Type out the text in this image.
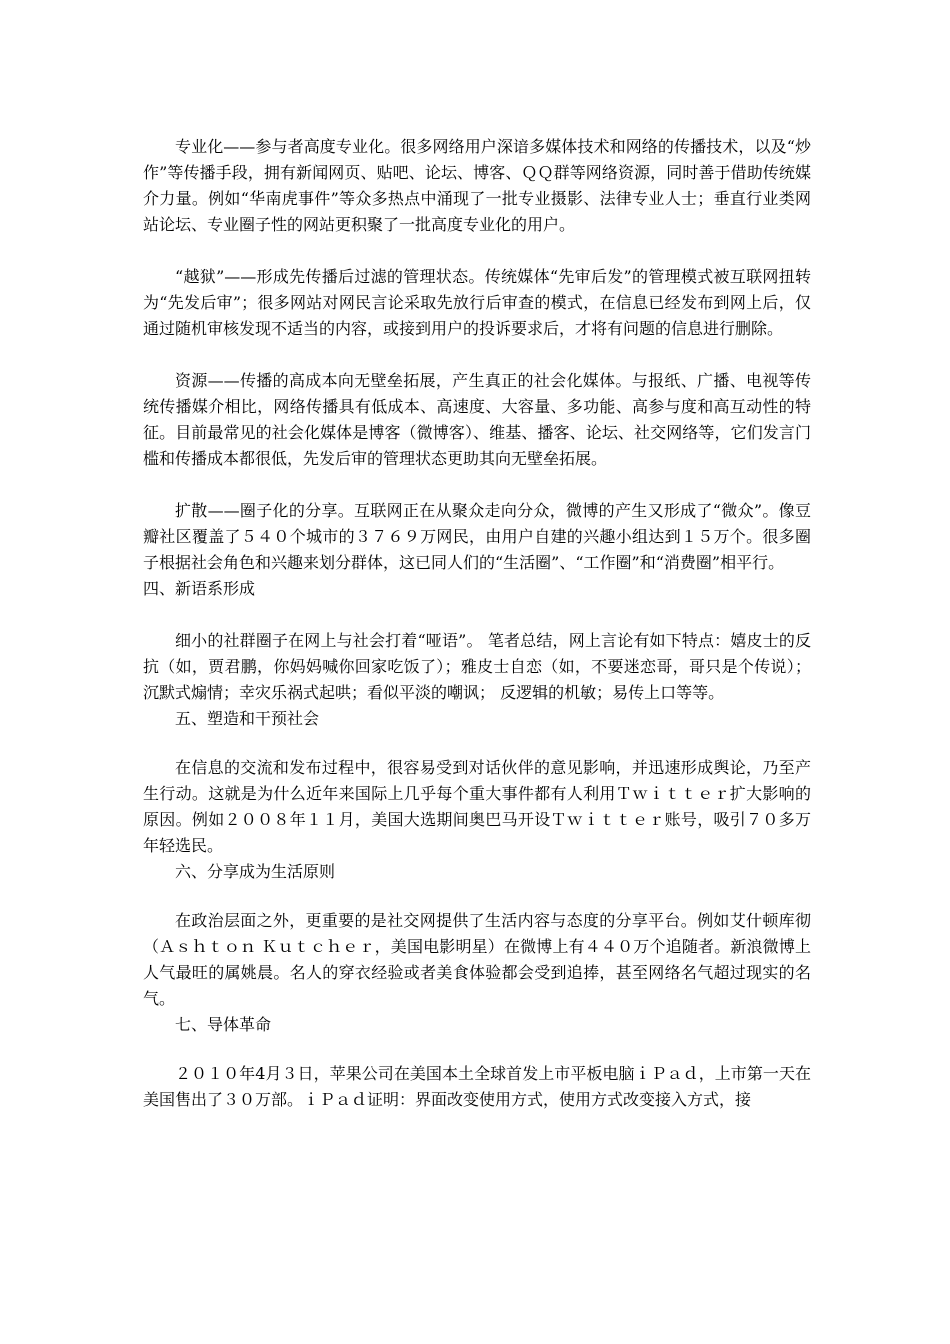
专业化——参与者高度专业化。很多网络用户深谙多媒体技术和网络的传播技术，以及“炒作”等传播手段，拥有新闻网页、贴吧、论坛、博客、ＱＱ群等网络资源，同时善于借助传统媒介力量。例如“华南虎事件”等众多热点中涌现了一批专业摄影、法律专业人士；垂直行业类网站论坛、专业圈子性的网站更积聚了一批高度专业化的用户。

“越狱”——形成先传播后过滤的管理状态。传统媒体“先审后发”的管理模式被互联网扭转为“先发后审”；很多网站对网民言论采取先放行后审查的模式，在信息已经发布到网上后，仅通过随机审核发现不适当的内容，或接到用户的投诉要求后，才将有问题的信息进行删除。

资源——传播的高成本向无壁垒拓展，产生真正的社会化媒体。与报纸、广播、电视等传统传播媒介相比，网络传播具有低成本、高速度、大容量、多功能、高参与度和高互动性的特征。目前最常见的社会化媒体是博客（微博客）、维基、播客、论坛、社交网络等，它们发言门槛和传播成本都很低，先发后审的管理状态更助其向无壁垒拓展。

扩散——圈子化的分享。互联网正在从聚众走向分众，微博的产生又形成了“微众”。像豆瓣社区覆盖了５４０个城市的３７６９万网民，由用户自建的兴趣小组达到１５万个。很多圈子根据社会角色和兴趣来划分群体，这已同人们的“生活圈”、“工作圈”和“消费圈”相平行。

四、新语系形成

细小的社群圈子在网上与社会打着“哑语”。 笔者总结，网上言论有如下特点：嬉皮士的反抗（如，贾君鹏，你妈妈喊你回家吃饭了）；雅皮士自恋（如，不要迷恋哥，哥只是个传说）；沉默式煽情；幸灾乐祸式起哄；看似平淡的嘲讽； 反逻辑的机敏；易传上口等等。

五、塑造和干预社会

在信息的交流和发布过程中，很容易受到对话伙伴的意见影响，并迅速形成舆论，乃至产生行动。这就是为什么近年来国际上几乎每个重大事件都有人利用Ｔｗｉｔｔｅｒ扩大影响的原因。例如２００８年１１月，美国大选期间奥巴马开设Ｔｗｉｔｔｅｒ账号，吸引７０多万年轻选民。

六、分享成为生活原则

在政治层面之外，更重要的是社交网提供了生活内容与态度的分享平台。例如艾什顿库彻（Ａｓｈｔｏｎ Ｋｕｔｃｈｅｒ，美国电影明星）在微博上有４４０万个追随者。新浪微博上人气最旺的属姚晨。名人的穿衣经验或者美食体验都会受到追捧，甚至网络名气超过现实的名气。

七、导体革命

２０１０年4月３日，苹果公司在美国本土全球首发上市平板电脑ｉＰａｄ，上市第一天在美国售出了３０万部。ｉＰａｄ证明：界面改变使用方式，使用方式改变接入方式，接
